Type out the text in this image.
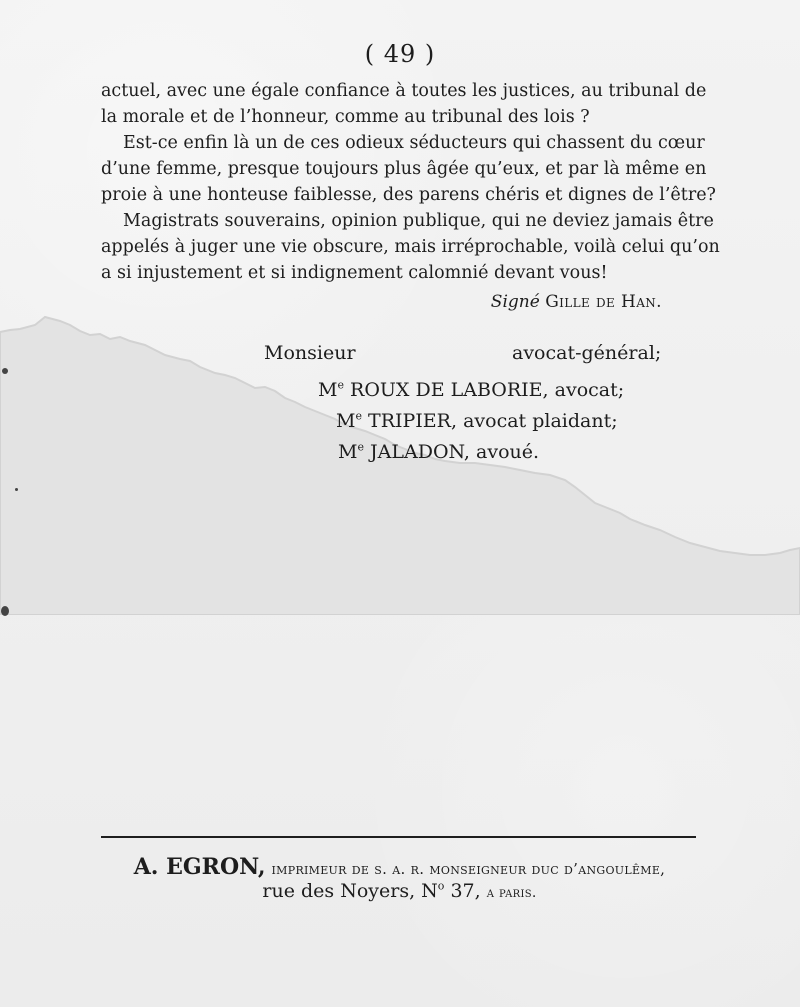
( 49 )
actuel, avec une égale confiance à toutes les justices, au tribunal de
la morale et de l’honneur, comme au tribunal des lois ?
Est-ce enfin là un de ces odieux séducteurs qui chassent du cœur
d’une femme, presque toujours plus âgée qu’eux, et par là même en
proie à une honteuse faiblesse, des parens chéris et dignes de l’être?
Magistrats souverains, opinion publique, qui ne deviez jamais être
appelés à juger une vie obscure, mais irréprochable, voilà celui qu’on
a si injustement et si indignement calomnié devant vous!
Signé Gille de Han.
Monsieur	avocat-général;
Me ROUX DE LABORIE, avocat;
Me TRIPIER, avocat plaidant;
Me JALADON, avoué.
A. EGRON, imprimeur de s. a. r. monseigneur duc d’angoulême,
rue des Noyers, $N^o$ 37, a paris.
